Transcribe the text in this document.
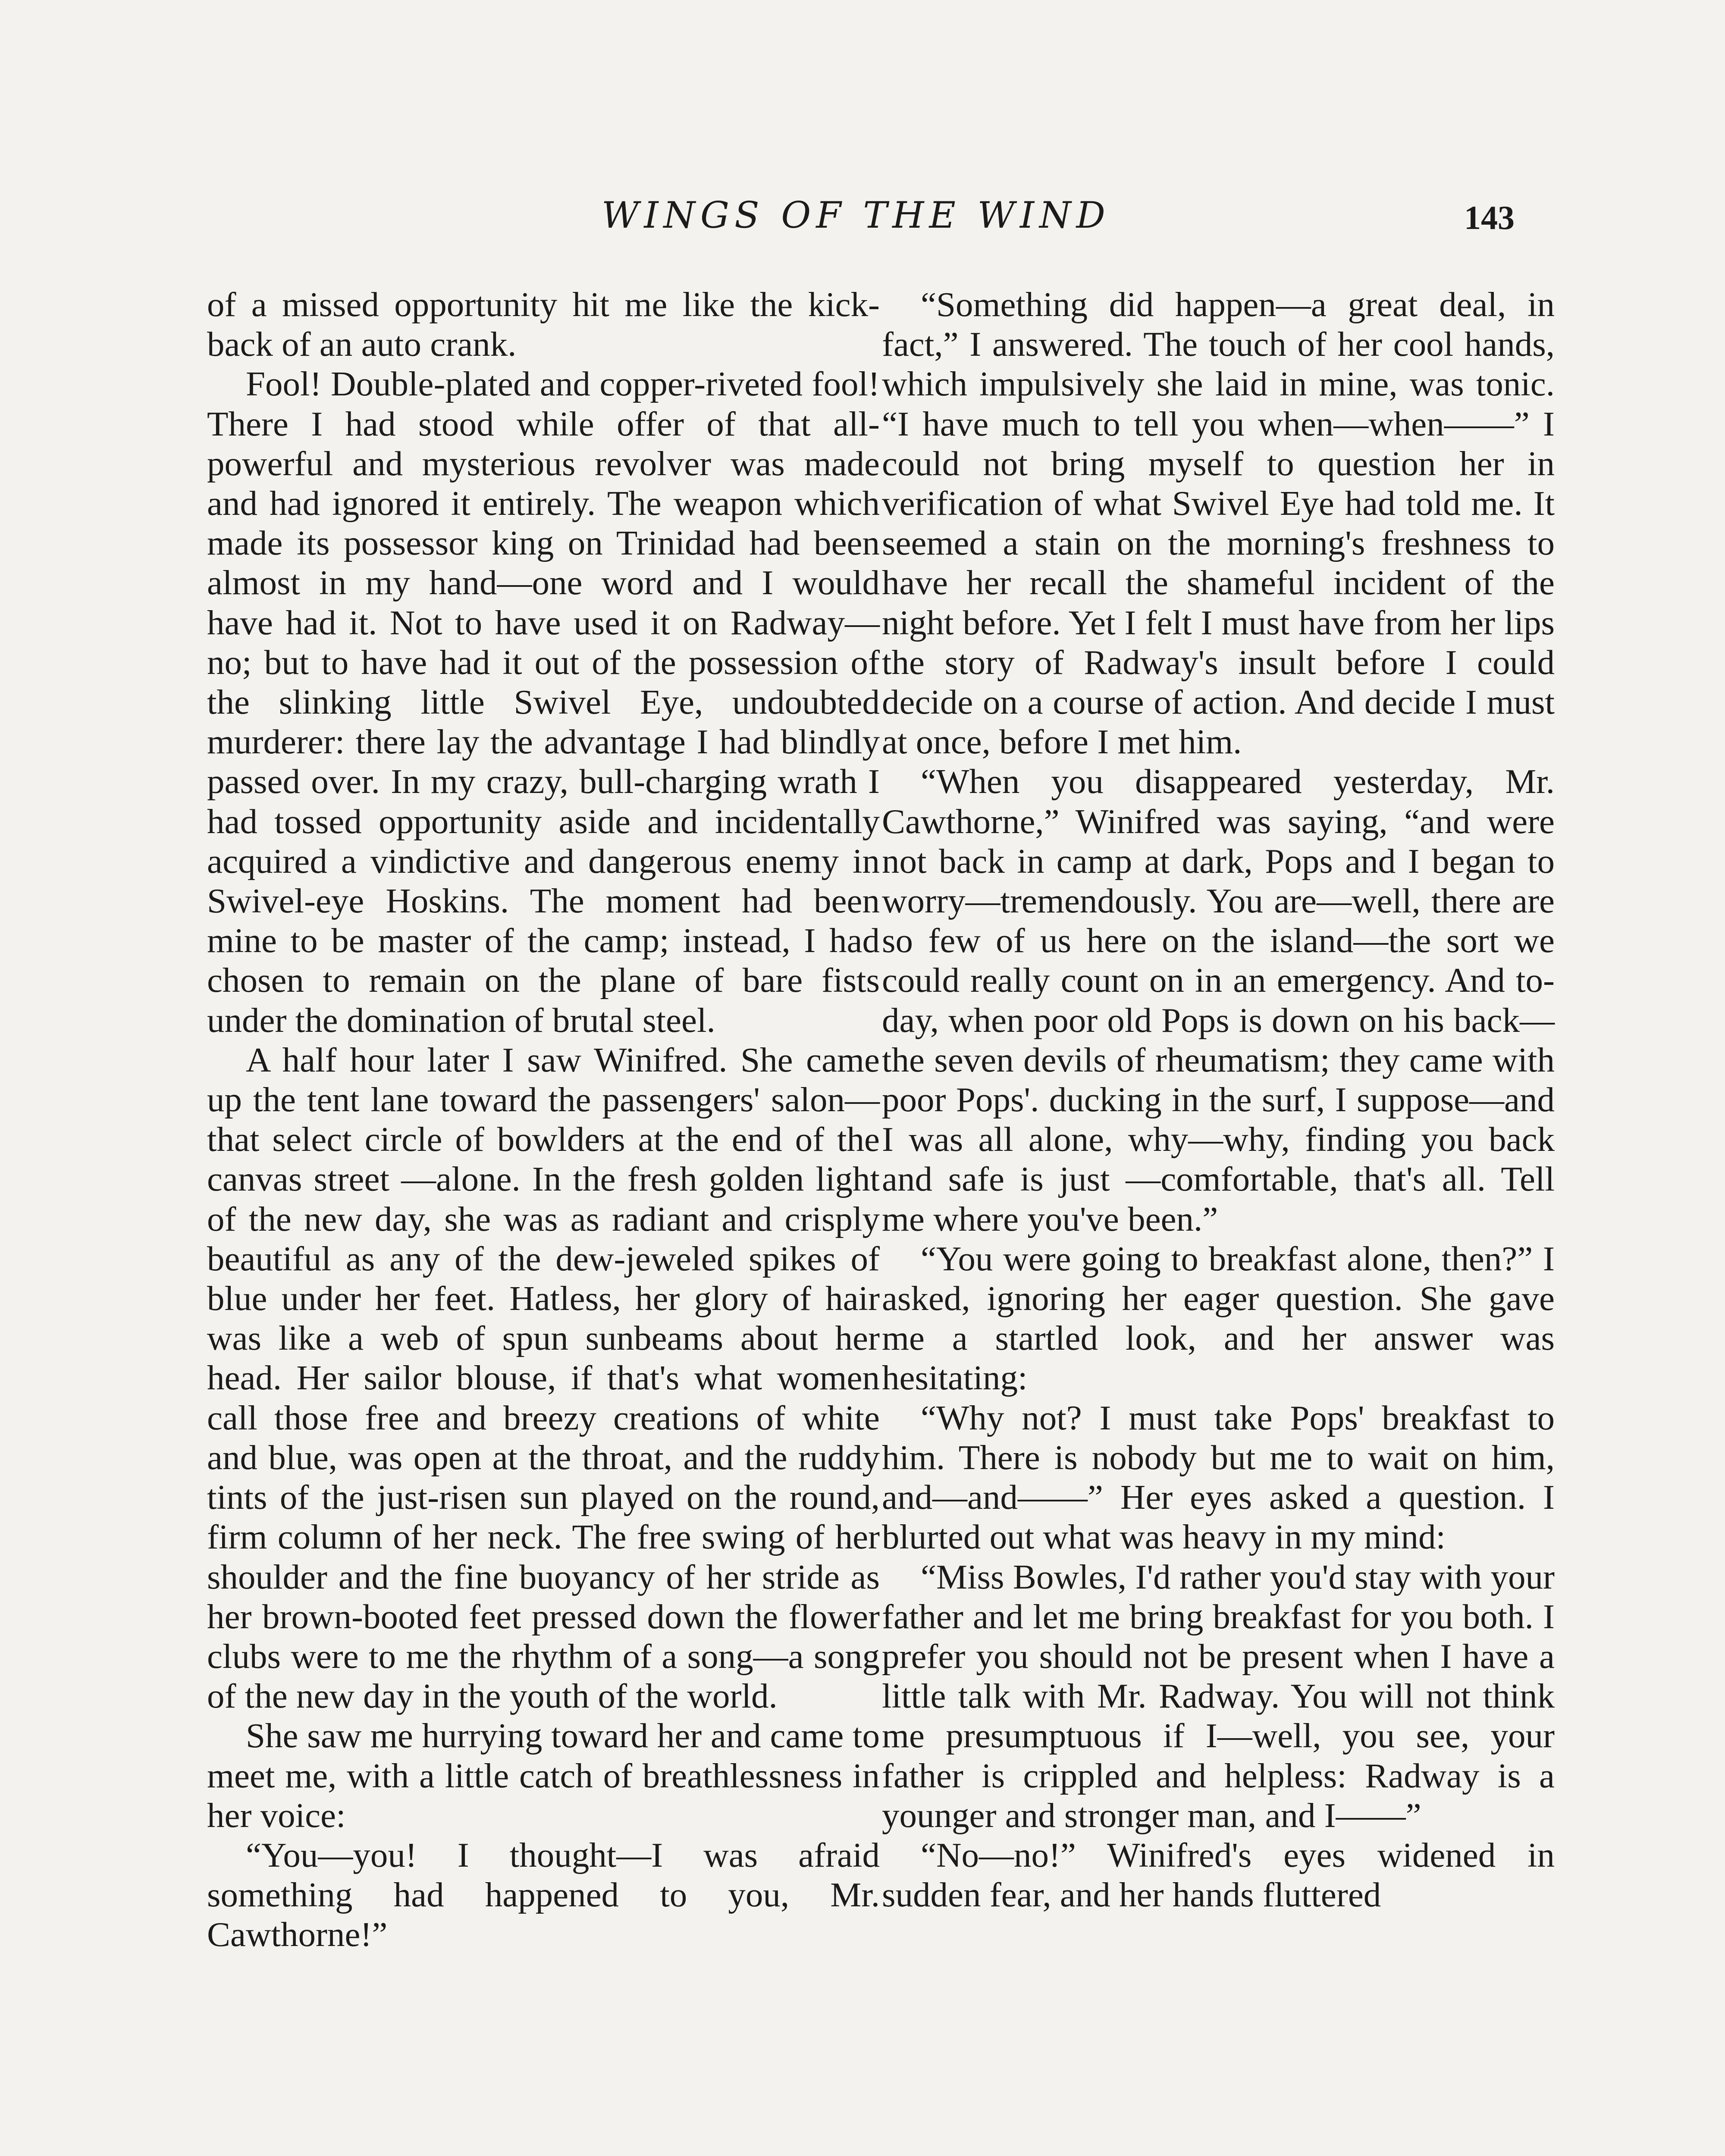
WINGS OF THE WIND	143

of a missed opportunity hit me like the kick-back of an auto crank.

Fool! Double-plated and copper-riveted fool! There I had stood while offer of that all-powerful and mysterious revolver was made and had ignored it entirely. The weapon which made its possessor king on Trinidad had been almost in my hand—one word and I would have had it. Not to have used it on Radway—no; but to have had it out of the possession of the slinking little Swivel Eye, undoubted murderer: there lay the advantage I had blindly passed over. In my crazy, bull-charging wrath I had tossed opportunity aside and incidentally acquired a vindictive and dangerous enemy in Swivel-eye Hoskins. The moment had been mine to be master of the camp; instead, I had chosen to remain on the plane of bare fists under the domination of brutal steel.

A half hour later I saw Winifred. She came up the tent lane toward the passengers' salon—that select circle of bowlders at the end of the canvas street —alone. In the fresh golden light of the new day, she was as radiant and crisply beautiful as any of the dew-jeweled spikes of blue under her feet. Hatless, her glory of hair was like a web of spun sunbeams about her head. Her sailor blouse, if that's what women call those free and breezy creations of white and blue, was open at the throat, and the ruddy tints of the just-risen sun played on the round, firm column of her neck. The free swing of her shoulder and the fine buoyancy of her stride as her brown-booted feet pressed down the flower clubs were to me the rhythm of a song—a song of the new day in the youth of the world.

She saw me hurrying toward her and came to meet me, with a little catch of breathlessness in her voice:

“You—you! I thought—I was afraid something had happened to you, Mr. Cawthorne!”

“Something did happen—a great deal, in fact,” I answered. The touch of her cool hands, which impulsively she laid in mine, was tonic. “I have much to tell you when—when——” I could not bring myself to question her in verification of what Swivel Eye had told me. It seemed a stain on the morning's freshness to have her recall the shameful incident of the night before. Yet I felt I must have from her lips the story of Radway's insult before I could decide on a course of action. And decide I must at once, before I met him.

“When you disappeared yesterday, Mr. Cawthorne,” Winifred was saying, “and were not back in camp at dark, Pops and I began to worry—tremendously. You are—well, there are so few of us here on the island—the sort we could really count on in an emergency. And to-day, when poor old Pops is down on his back—the seven devils of rheumatism; they came with poor Pops'. ducking in the surf, I suppose—and I was all alone, why—why, finding you back and safe is just —comfortable, that's all. Tell me where you've been.”

“You were going to breakfast alone, then?” I asked, ignoring her eager question. She gave me a startled look, and her answer was hesitating:

“Why not? I must take Pops' breakfast to him. There is nobody but me to wait on him, and—and——” Her eyes asked a question. I blurted out what was heavy in my mind:

“Miss Bowles, I'd rather you'd stay with your father and let me bring breakfast for you both. I prefer you should not be present when I have a little talk with Mr. Radway. You will not think me presumptuous if I—well, you see, your father is crippled and helpless: Radway is a younger and stronger man, and I——”

“No—no!” Winifred's eyes widened in sudden fear, and her hands fluttered
